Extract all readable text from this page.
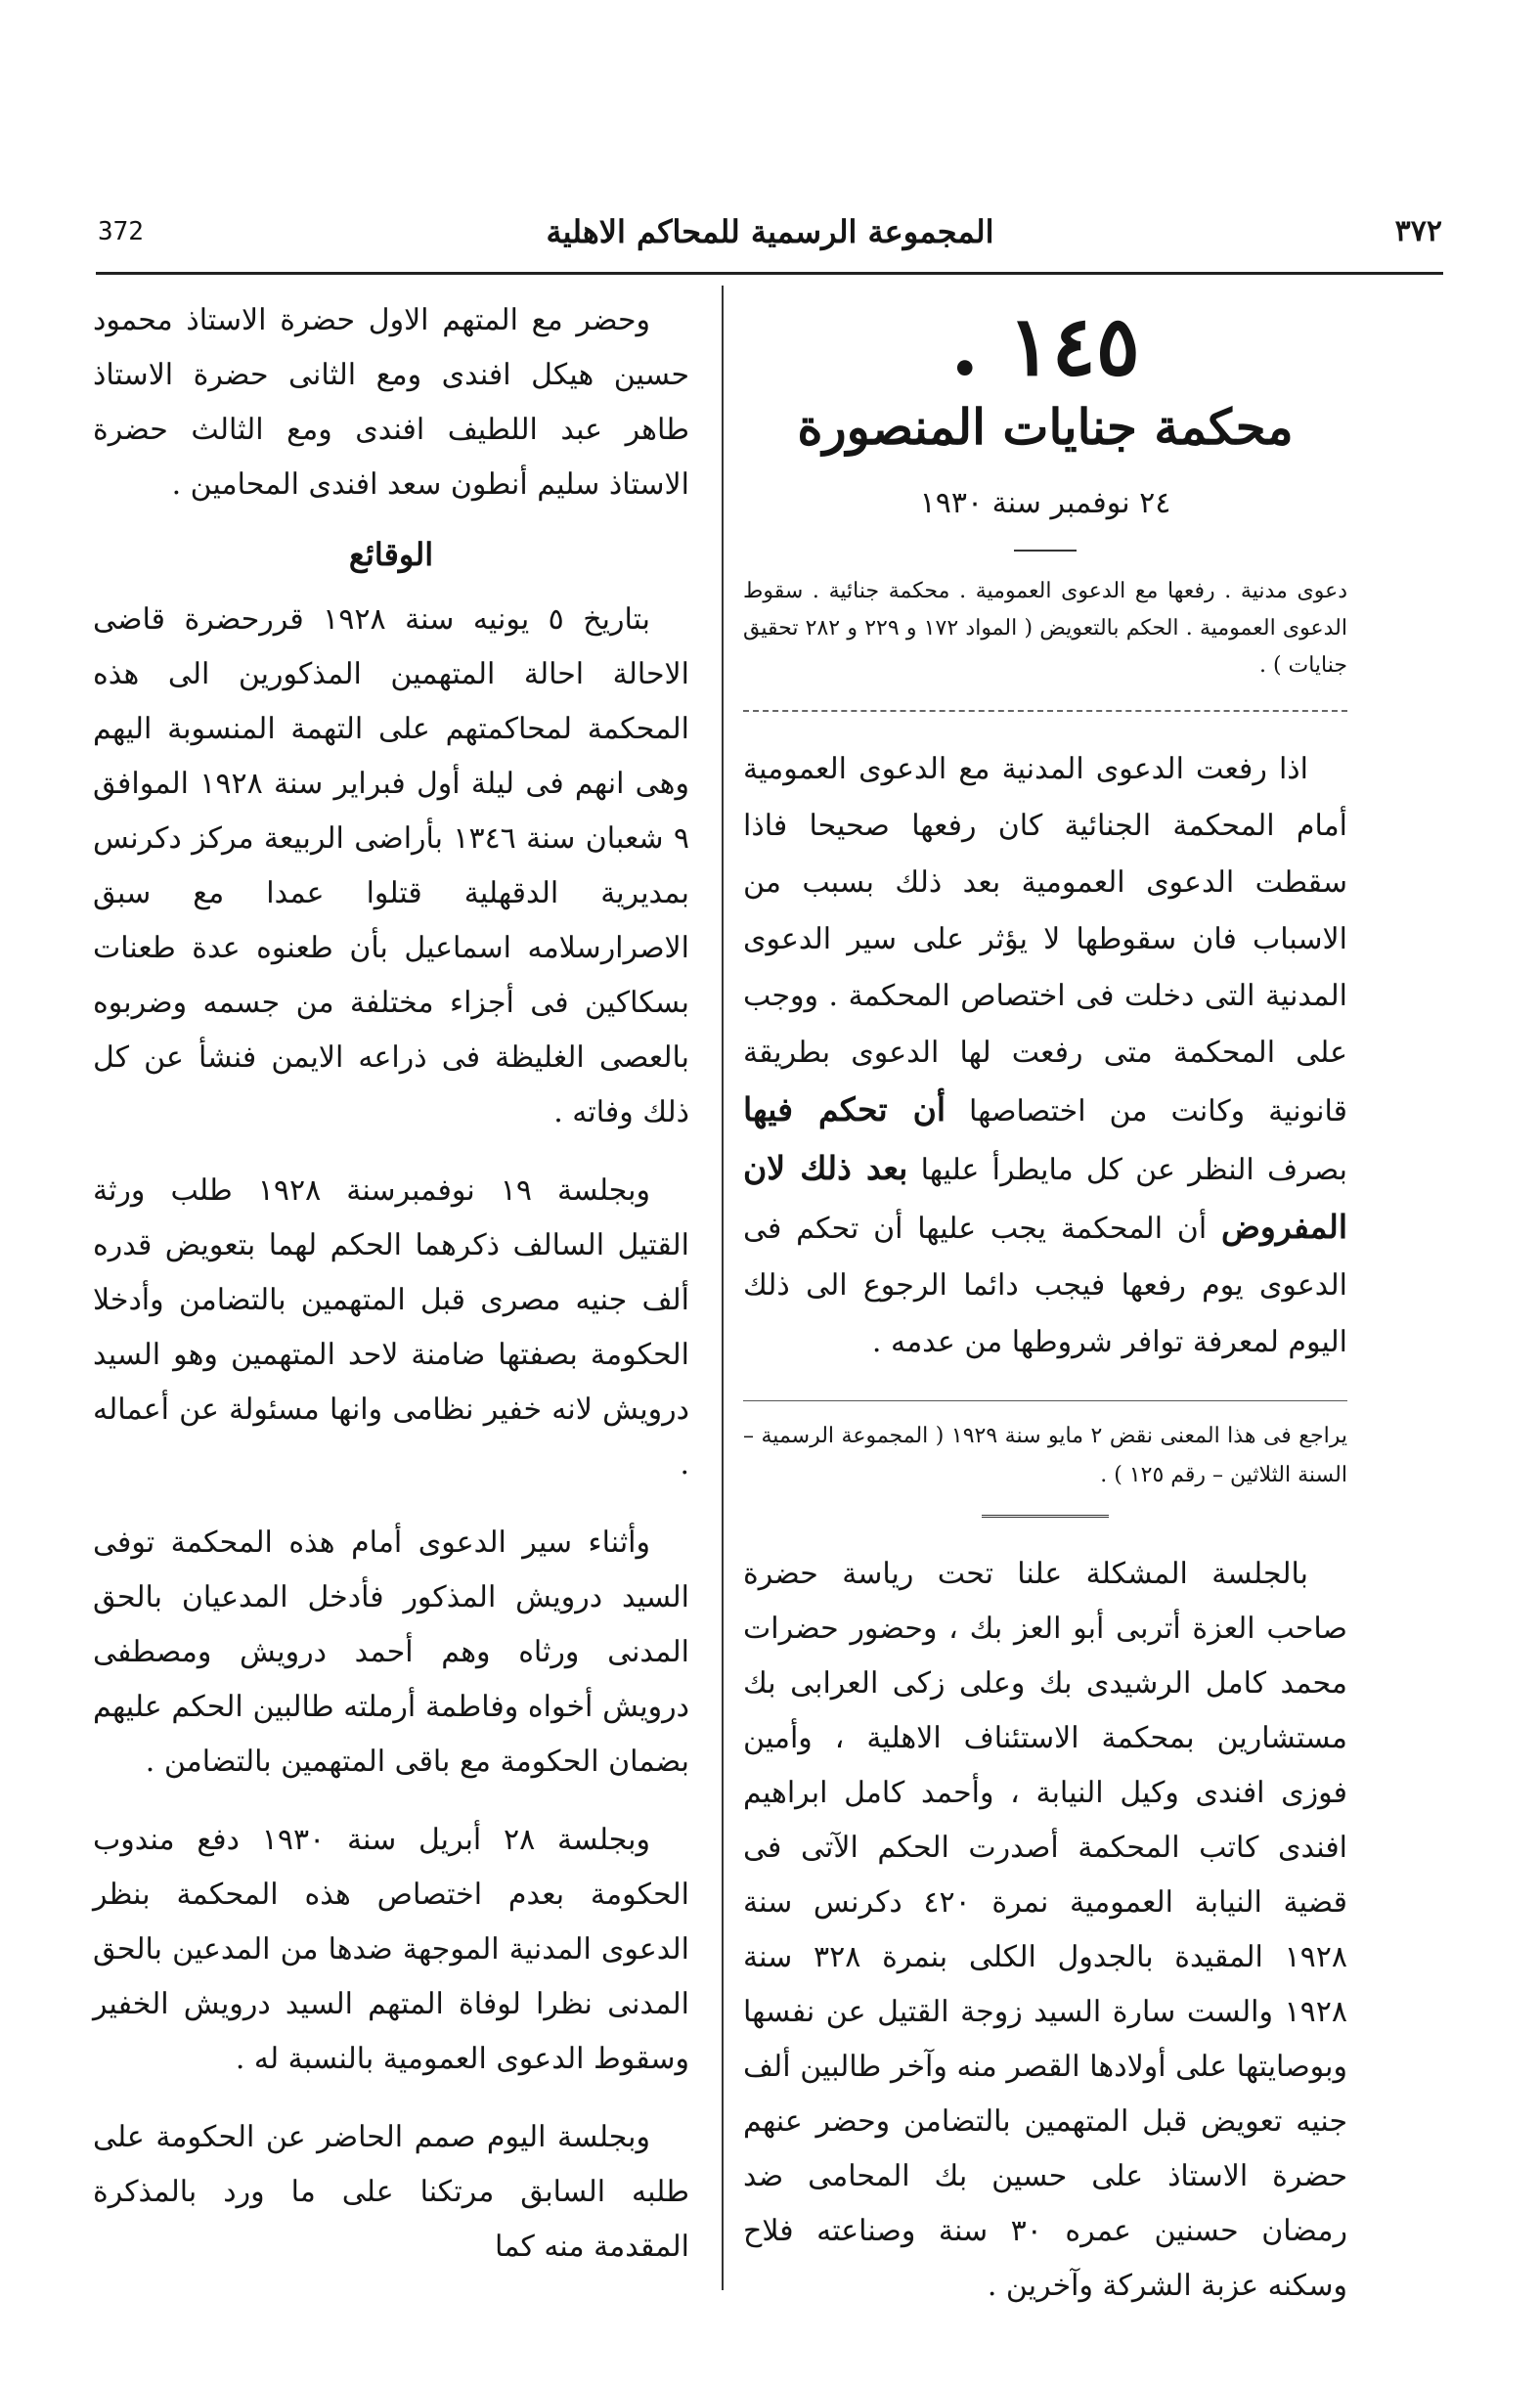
372	المجموعة الرسمية للمحاكم الاهلية	٣٧٢
١٤٥ .
محكمة جنايات المنصورة
٢٤ نوفمبر سنة ١٩٣٠
دعوى مدنية . رفعها مع الدعوى العمومية . محكمة جنائية . سقوط الدعوى العمومية . الحكم بالتعويض ( المواد ١٧٢ و ٢٢٩ و ٢٨٢ تحقيق جنايات ) .

اذا رفعت الدعوى المدنية مع الدعوى العمومية أمام المحكمة الجنائية كان رفعها صحيحا فاذا سقطت الدعوى العمومية بعد ذلك بسبب من الاسباب فان سقوطها لا يؤثر على سير الدعوى المدنية التى دخلت فى اختصاص المحكمة . ووجب على المحكمة متى رفعت لها الدعوى بطريقة قانونية وكانت من اختصاصها أن تحكم فيها بصرف النظر عن كل مايطرأ عليها بعد ذلك لان المفروض أن المحكمة يجب عليها أن تحكم فى الدعوى يوم رفعها فيجب دائما الرجوع الى ذلك اليوم لمعرفة توافر شروطها من عدمه .

يراجع فى هذا المعنى نقض ٢ مايو سنة ١٩٢٩ ( المجموعة الرسمية – السنة الثلاثين – رقم ١٢٥ ) .

بالجلسة المشكلة علنا تحت رياسة حضرة صاحب العزة أتربى أبو العز بك ، وحضور حضرات محمد كامل الرشيدى بك وعلى زكى العرابى بك مستشارين بمحكمة الاستئناف الاهلية ، وأمين فوزى افندى وكيل النيابة ، وأحمد كامل ابراهيم افندى كاتب المحكمة أصدرت الحكم الآتى فى قضية النيابة العمومية نمرة ٤٢٠ دكرنس سنة ١٩٢٨ المقيدة بالجدول الكلى بنمرة ٣٢٨ سنة ١٩٢٨ والست سارة السيد زوجة القتيل عن نفسها وبوصايتها على أولادها القصر منه وآخر طالبين ألف جنيه تعويض قبل المتهمين بالتضامن وحضر عنهم حضرة الاستاذ على حسين بك المحامى ضد رمضان حسنين عمره ٣٠ سنة وصناعته فلاح وسكنه عزبة الشركة وآخرين .

وحضر مع المتهم الاول حضرة الاستاذ محمود حسين هيكل افندى ومع الثانى حضرة الاستاذ طاهر عبد اللطيف افندى ومع الثالث حضرة الاستاذ سليم أنطون سعد افندى المحامين .

الوقائع

بتاريخ ٥ يونيه سنة ١٩٢٨ قررحضرة قاضى الاحالة احالة المتهمين المذكورين الى هذه المحكمة لمحاكمتهم على التهمة المنسوبة اليهم وهى انهم فى ليلة أول فبراير سنة ١٩٢٨ الموافق ٩ شعبان سنة ١٣٤٦ بأراضى الربيعة مركز دكرنس بمديرية الدقهلية قتلوا عمدا مع سبق الاصرارسلامه اسماعيل بأن طعنوه عدة طعنات بسكاكين فى أجزاء مختلفة من جسمه وضربوه بالعصى الغليظة فى ذراعه الايمن فنشأ عن كل ذلك وفاته .

وبجلسة ١٩ نوفمبرسنة ١٩٢٨ طلب ورثة القتيل السالف ذكرهما الحكم لهما بتعويض قدره ألف جنيه مصرى قبل المتهمين بالتضامن وأدخلا الحكومة بصفتها ضامنة لاحد المتهمين وهو السيد درويش لانه خفير نظامى وانها مسئولة عن أعماله .

وأثناء سير الدعوى أمام هذه المحكمة توفى السيد درويش المذكور فأدخل المدعيان بالحق المدنى ورثاه وهم أحمد درويش ومصطفى درويش أخواه وفاطمة أرملته طالبين الحكم عليهم بضمان الحكومة مع باقى المتهمين بالتضامن .

وبجلسة ٢٨ أبريل سنة ١٩٣٠ دفع مندوب الحكومة بعدم اختصاص هذه المحكمة بنظر الدعوى المدنية الموجهة ضدها من المدعين بالحق المدنى نظرا لوفاة المتهم السيد درويش الخفير وسقوط الدعوى العمومية بالنسبة له .

وبجلسة اليوم صمم الحاضر عن الحكومة على طلبه السابق مرتكنا على ما ورد بالمذكرة المقدمة منه كما
